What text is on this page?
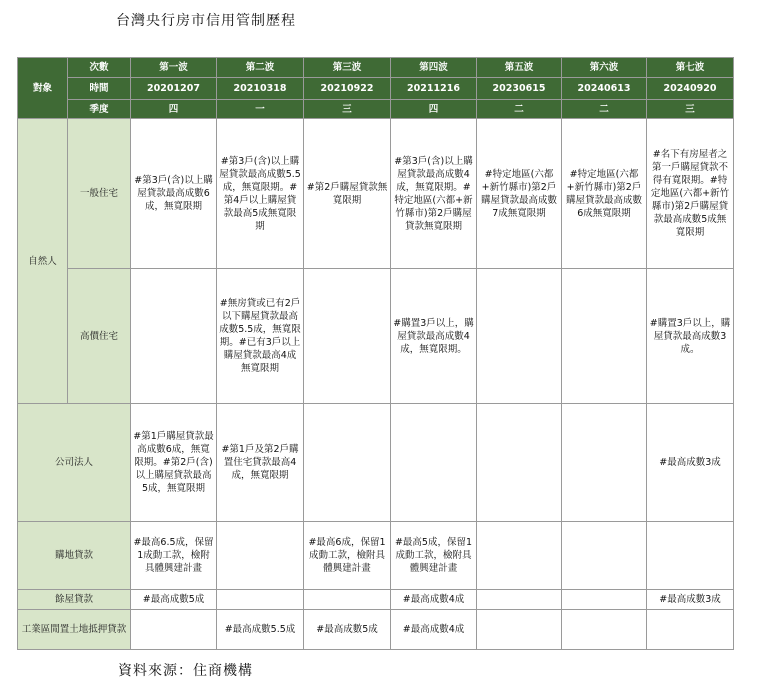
台灣央行房市信用管制歷程
對象	次數	第一波	第二波	第三波	第四波	第五波	第六波	第七波
	時間	20201207	20210318	20210922	20211216	20230615	20240613	20240920
	季度	四	一	三	四	二	二	三
自然人	一般住宅	#第3戶(含)以上購屋貸款最高成數6成，無寬限期	#第3戶(含)以上購屋貸款最高成數5.5成，無寬限期。#第4戶以上購屋貸款最高5成無寬限期	#第2戶購屋貸款無寬限期	#第3戶(含)以上購屋貸款最高成數4成，無寬限期。#特定地區(六都+新竹縣市)第2戶購屋貸款無寬限期	#特定地區(六都+新竹縣市)第2戶購屋貸款最高成數7成無寬限期	#特定地區(六都+新竹縣市)第2戶購屋貸款最高成數6成無寬限期	#名下有房屋者之第一戶購屋貸款不得有寬限期。#特定地區(六都+新竹縣市)第2戶購屋貸款最高成數5成無寬限期
	高價住宅		#無房貸或已有2戶以下購屋貸款最高成數5.5成，無寬限期。#已有3戶以上購屋貸款最高4成無寬限期		#購置3戶以上，購屋貸款最高成數4成，無寬限期。			#購置3戶以上，購屋貸款最高成數3成。
公司法人		#第1戶購屋貸款最高成數6成，無寬限期。#第2戶(含)以上購屋貸款最高5成，無寬限期	#第1戶及第2戶購置住宅貸款最高4成，無寬限期					#最高成數3成
購地貸款		#最高6.5成，保留1成動工款，檢附具體興建計畫		#最高6成，保留1成動工款，檢附具體興建計畫	#最高5成，保留1成動工款，檢附具體興建計畫			
餘屋貸款		#最高成數5成			#最高成數4成			#最高成數3成
工業區閒置土地抵押貸款			#最高成數5.5成	#最高成數5成	#最高成數4成			
資料來源：住商機構
